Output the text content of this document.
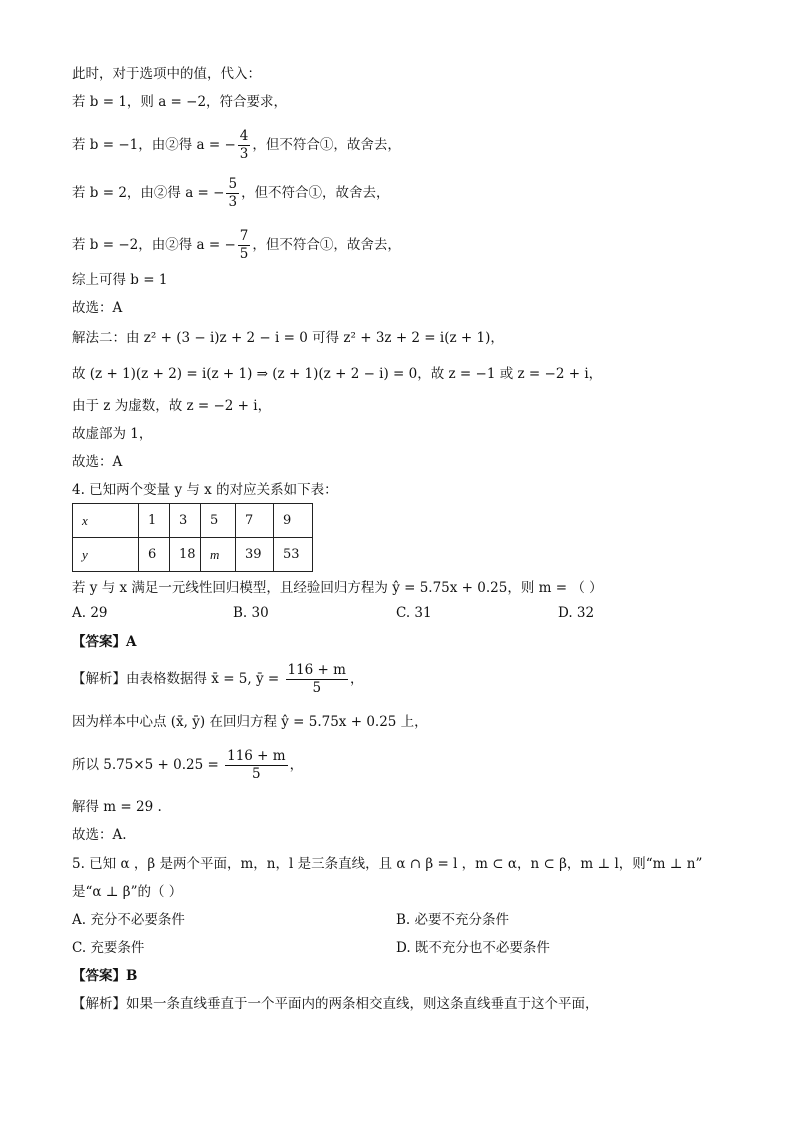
此时，对于选项中的值，代入：
若 b = 1，则 a = −2，符合要求，
若 b = −1，由②得 a = − $\frac{4}{3}$ ，但不符合①，故舍去，
若 b = 2，由②得 a = − $\frac{5}{3}$ ，但不符合①，故舍去，
若 b = −2，由②得 a = − $\frac{7}{5}$ ，但不符合①，故舍去，
综上可得 b = 1
故选：A
解法二：由 z² + (3 − i)z + 2 − i = 0 可得 z² + 3z + 2 = i(z + 1)，
故 (z + 1)(z + 2) = i(z + 1) ⇒ (z + 1)(z + 2 − i) = 0，故 z = −1 或 z = −2 + i，
由于 z 为虚数，故 z = −2 + i，
故虚部为 1，
故选：A
4. 已知两个变量 y 与 x 的对应关系如下表：
若 y 与 x 满足一元线性回归模型，且经验回归方程为 ŷ = 5.75x + 0.25，则 m = （ ）
【答案】A
【解析】由表格数据得 x̄ = 5, ȳ = $\frac{116 + m}{5}$ ，
因为样本中心点 (x̄, ȳ) 在回归方程 ŷ = 5.75x + 0.25 上，
所以 $5.75\times 5 + 0.25 = \frac{116 + m}{5}$ ，
解得 m = 29 .
故选：A.
5. 已知 α ，β 是两个平面，m，n，l 是三条直线，且 α ∩ β = l ，m ⊂ α，n ⊂ β，m ⊥ l，则“m ⊥ n”
是“α ⊥ β”的（ ）
【答案】B
【解析】如果一条直线垂直于一个平面内的两条相交直线，则这条直线垂直于这个平面，
A. 29	B. 30	C. 31	D. 32
A. 充分不必要条件	B. 必要不充分条件
C. 充要条件	D. 既不充分也不必要条件
x	1	3	5	7	9
y	6	18	m	39	53
